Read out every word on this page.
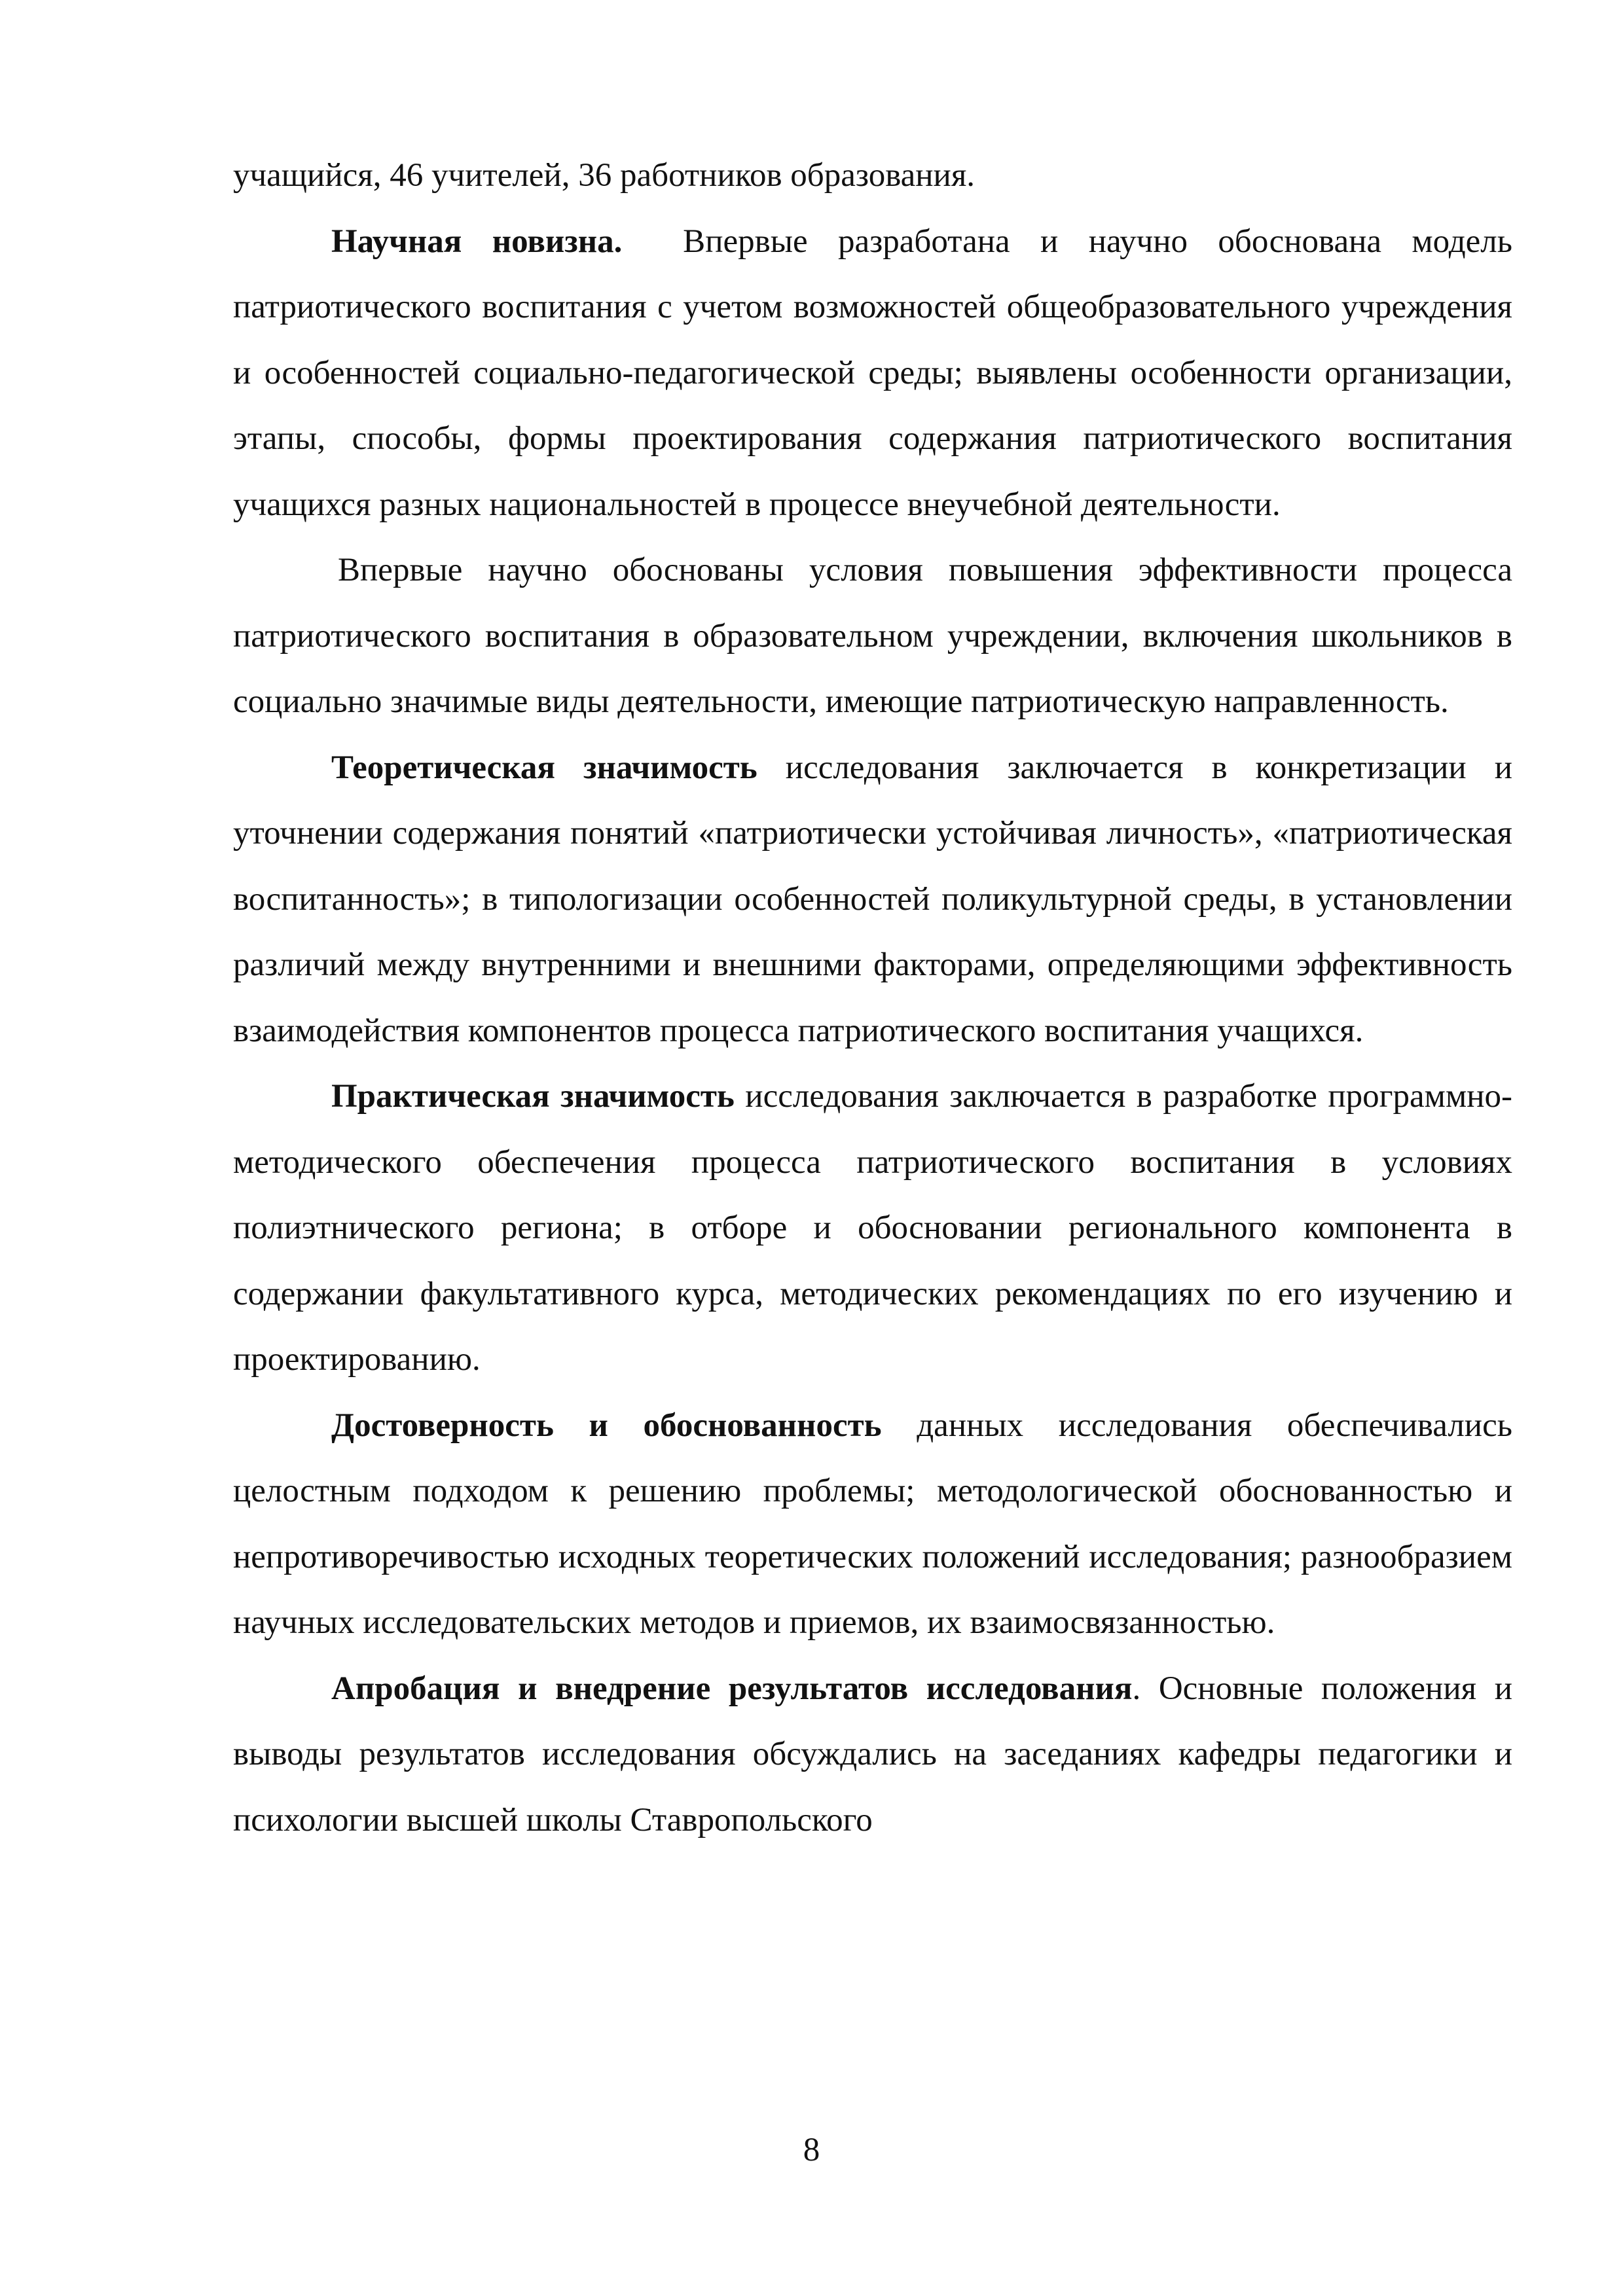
учащийся, 46 учителей, 36 работников образования.

Научная новизна. Впервые разработана и научно обоснована модель патриотического воспитания с учетом возможностей общеобразовательного учреждения и особенностей социально-педагогической среды; выявлены особенности организации, этапы, способы, формы проектирования содержания патриотического воспитания учащихся разных национальностей в процессе внеучебной деятельности.

Впервые научно обоснованы условия повышения эффективности процесса патриотического воспитания в образовательном учреждении, включения школьников в социально значимые виды деятельности, имеющие патриотическую направленность.

Теоретическая значимость исследования заключается в конкретизации и уточнении содержания понятий «патриотически устойчивая личность», «патриотическая воспитанность»; в типологизации особенностей поликультурной среды, в установлении различий между внутренними и внешними факторами, определяющими эффективность взаимодействия компонентов процесса патриотического воспитания учащихся.

Практическая значимость исследования заключается в разработке программно-методического обеспечения процесса патриотического воспитания в условиях полиэтнического региона; в отборе и обосновании регионального компонента в содержании факультативного курса, методических рекомендациях по его изучению и проектированию.

Достоверность и обоснованность данных исследования обеспечивались целостным подходом к решению проблемы; методологической обоснованностью и непротиворечивостью исходных теоретических положений исследования; разнообразием научных исследовательских методов и приемов, их взаимосвязанностью.

Апробация и внедрение результатов исследования. Основные положения и выводы результатов исследования обсуждались на заседаниях кафедры педагогики и психологии высшей школы Ставропольского

8
